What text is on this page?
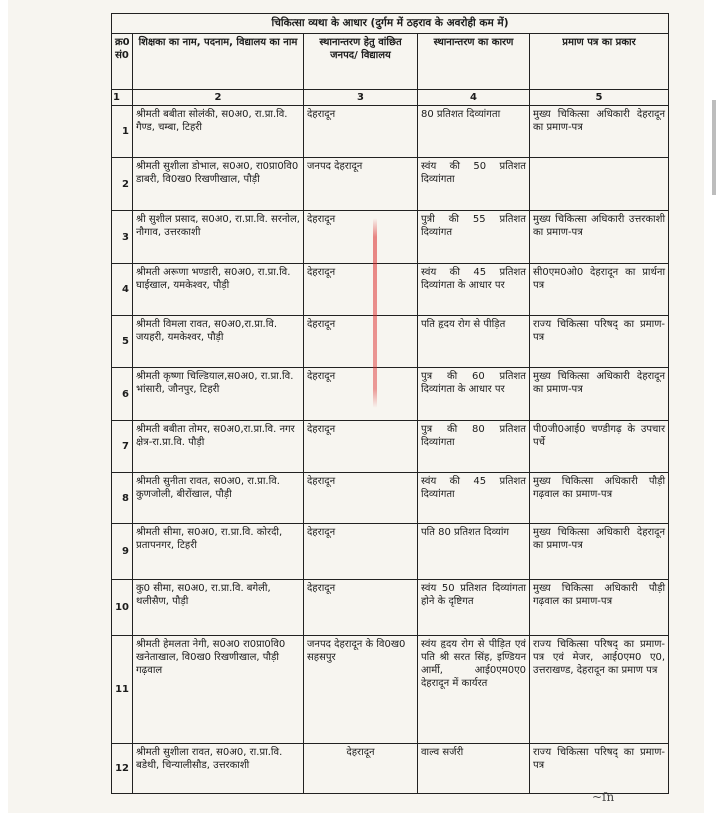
चिकित्सा व्यथा के आधार (दुर्गम में ठहराव के अवरोही कम में)				
क्र0 सं0	शिक्षका का नाम, पदनाम, विद्यालय का नाम	स्थानान्तरण हेतु वांछित जनपद/ विद्यालय	स्थानान्तरण का कारण	प्रमाण पत्र का प्रकार
1	2	3	4	5
1	श्रीमती बबीता सोलंकी, स0अ0, रा.प्रा.वि. गैण्ड, चम्बा, टिहरी	देहरादून	80 प्रतिशत दिव्यांगता	मुख्य चिकित्सा अधिकारी देहरादून का प्रमाण-पत्र
2	श्रीमती सुशीला डोभाल, स0अ0, रा0प्रा0वि0 डाबरी, वि0ख0 रिखणीखाल, पौड़ी	जनपद देहरादून	स्वंय की 50 प्रतिशत दिव्यांगता	
3	श्री सुशील प्रसाद, स0अ0, रा.प्रा.वि. सरनोल, नौगाव, उत्तरकाशी	देहरादून	पुत्री की 55 प्रतिशत दिव्यांगत	मुख्य चिकित्सा अधिकारी उत्तरकाशी का प्रमाण-पत्र
4	श्रीमती अरूणा भण्डारी, स0अ0, रा.प्रा.वि. घाईखाल, यमकेश्वर, पौड़ी	देहरादून	स्वंय की 45 प्रतिशत दिव्यांगता के आधार पर	सी0एम0ओ0 देहरादून का प्रार्थना पत्र
5	श्रीमती विमला रावत, स0अ0,रा.प्रा.वि. जयहरी, यमकेश्वर, पौड़ी	देहरादून	पति हृदय रोग से पीड़ित	राज्य चिकित्सा परिषद् का प्रमाण-पत्र
6	श्रीमती कृष्णा चिल्डियाल,स0अ0, रा.प्रा.वि. भांसारी, जौनपुर, टिहरी	देहरादून	पुत्र की 60 प्रतिशत दिव्यांगता के आधार पर	मुख्य चिकित्सा अधिकारी देहरादून का प्रमाण-पत्र
7	श्रीमती बबीता तोमर, स0अ0,रा.प्रा.वि. नगर क्षेत्र-रा.प्रा.वि. पौड़ी	देहरादून	पुत्र की 80 प्रतिशत दिव्यांगता	पी0जी0आई0 चण्डीगढ़ के उपचार पर्चे
8	श्रीमती सुनीता रावत, स0अ0, रा.प्रा.वि. कुणजोली, बीरोंखाल, पौड़ी	देहरादून	स्वंय की 45 प्रतिशत दिव्यांगता	मुख्य चिकित्सा अधिकारी पौड़ी गढ़वाल का प्रमाण-पत्र
9	श्रीमती सीमा, स0अ0, रा.प्रा.वि. कोरदी, प्रतापनगर, टिहरी	देहरादून	पति 80 प्रतिशत दिव्यांग	मुख्य चिकित्सा अधिकारी देहरादून का प्रमाण-पत्र
10	कु0 सीमा, स0अ0, रा.प्रा.वि. बगेली, थलीसैण, पौड़ी	देहरादून	स्वंय 50 प्रतिशत दिव्यांगता होने के दृष्टिगत	मुख्य चिकित्सा अधिकारी पौड़ी गढ़वाल का प्रमाण-पत्र
11	श्रीमती हेमलता नेगी, स0अ0 रा0प्रा0वि0 खनेताखाल, वि0ख0 रिखणीखाल, पौड़ी गढ़वाल	जनपद देहरादून के वि0ख0 सहसपुर	स्वंय हृदय रोग से पीड़ित एवं पति श्री सरत सिंह, इण्डियन आर्मी, आई0एम0ए0 देहरादून में कार्यरत	राज्य चिकित्सा परिषद् का प्रमाण-पत्र एवं मेजर, आई0एम0 ए0, उत्तराखण्ड, देहरादून का प्रमाण पत्र
12	श्रीमती सुशीला रावत, स0अ0, रा.प्रा.वि. बडेथी, चिन्यालीसौड, उत्तरकाशी	देहरादून	वाल्व सर्जरी	राज्य चिकित्सा परिषद् का प्रमाण-पत्र
~ſn
